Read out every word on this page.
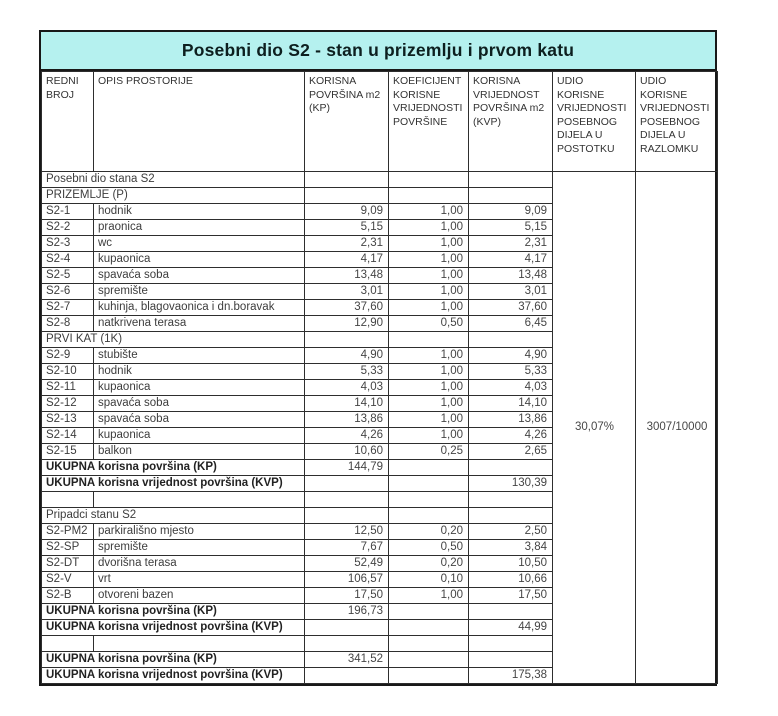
Posebni dio S2 - stan u prizemlju i prvom katu
REDNI BROJ	OPIS PROSTORIJE	KORISNA POVRŠINA m2 (KP)	KOEFICIJENT KORISNE VRIJEDNOSTI POVRŠINE	KORISNA VRIJEDNOST POVRŠINA m2 (KVP)	UDIO KORISNE VRIJEDNOSTI POSEBNOG DIJELA U POSTOTKU	UDIO KORISNE VRIJEDNOSTI POSEBNOG DIJELA U RAZLOMKU
Posebni dio stana S2					30,07%	3007/10000
PRIZEMLJE (P)						
S2-1	hodnik	9,09	1,00	9,09		
S2-2	praonica	5,15	1,00	5,15		
S2-3	wc	2,31	1,00	2,31		
S2-4	kupaonica	4,17	1,00	4,17		
S2-5	spavaća soba	13,48	1,00	13,48		
S2-6	spremište	3,01	1,00	3,01		
S2-7	kuhinja, blagovaonica i dn.boravak	37,60	1,00	37,60		
S2-8	natkrivena terasa	12,90	0,50	6,45		
PRVI KAT (1K)						
S2-9	stubište	4,90	1,00	4,90		
S2-10	hodnik	5,33	1,00	5,33		
S2-11	kupaonica	4,03	1,00	4,03		
S2-12	spavaća soba	14,10	1,00	14,10		
S2-13	spavaća soba	13,86	1,00	13,86		
S2-14	kupaonica	4,26	1,00	4,26		
S2-15	balkon	10,60	0,25	2,65		
UKUPNA korisna površina (KP)		144,79				
UKUPNA korisna vrijednost površina (KVP)				130,39		

Pripadci stanu S2						
S2-PM2	parkirališno mjesto	12,50	0,20	2,50		
S2-SP	spremište	7,67	0,50	3,84		
S2-DT	dvorišna terasa	52,49	0,20	10,50		
S2-V	vrt	106,57	0,10	10,66		
S2-B	otvoreni bazen	17,50	1,00	17,50		
UKUPNA korisna površina (KP)		196,73				
UKUPNA korisna vrijednost površina (KVP)				44,99		

UKUPNA korisna površina (KP)		341,52				
UKUPNA korisna vrijednost površina (KVP)				175,38		
